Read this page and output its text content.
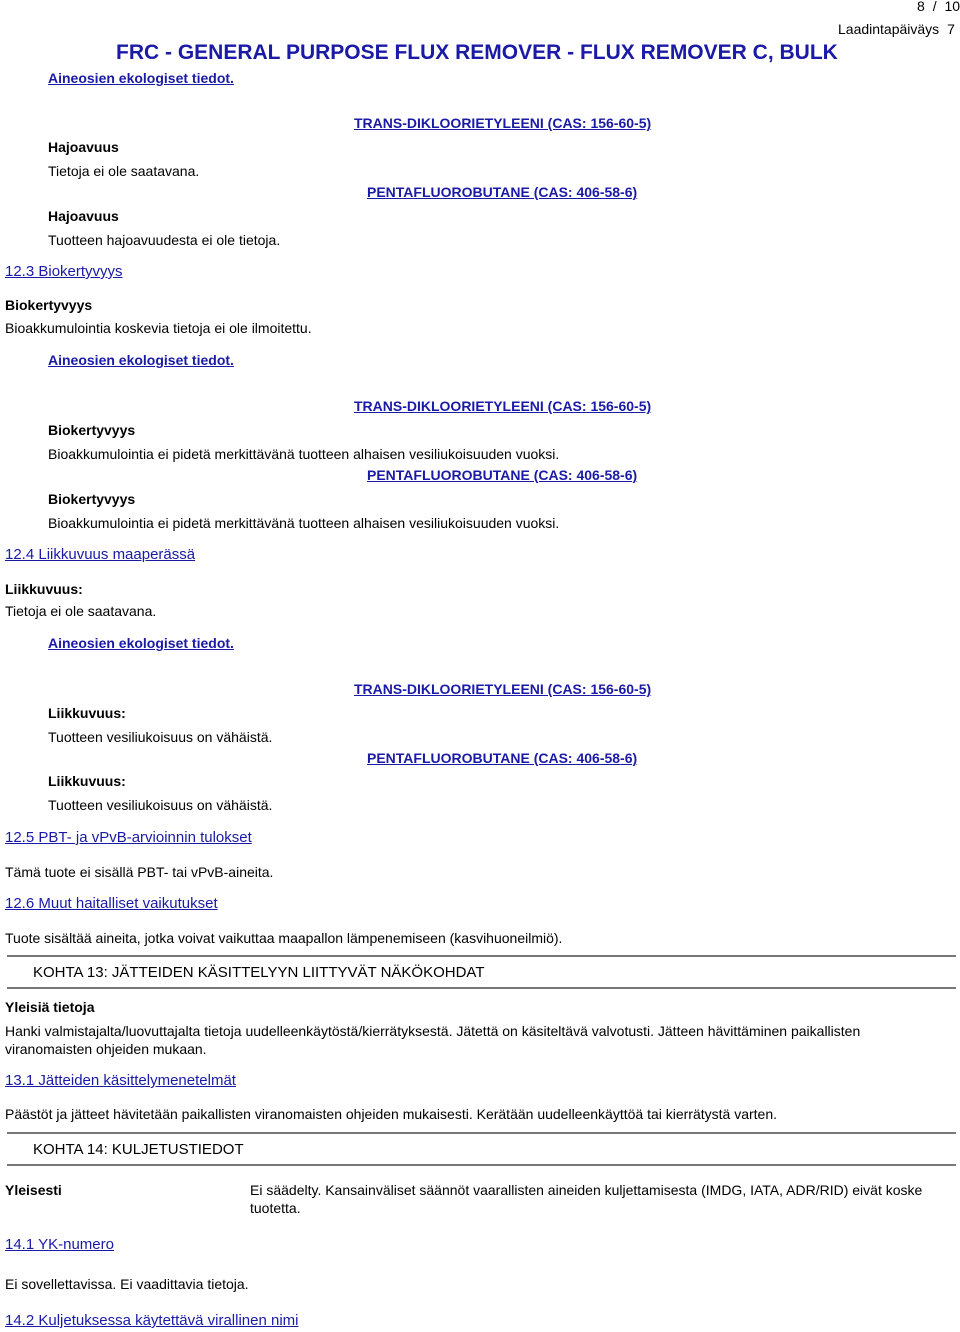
8 / 10
Laadintapäiväys 7
FRC - GENERAL PURPOSE FLUX REMOVER - FLUX REMOVER C, BULK
Aineosien ekologiset tiedot.
TRANS-DIKLOORIETYLEENI (CAS: 156-60-5)
Hajoavuus
Tietoja ei ole saatavana.
PENTAFLUOROBUTANE (CAS: 406-58-6)
Hajoavuus
Tuotteen hajoavuudesta ei ole tietoja.
12.3 Biokertyvyys
Biokertyvyys
Bioakkumulointia koskevia tietoja ei ole ilmoitettu.
Aineosien ekologiset tiedot.
TRANS-DIKLOORIETYLEENI (CAS: 156-60-5)
Biokertyvyys
Bioakkumulointia ei pidetä merkittävänä tuotteen alhaisen vesiliukoisuuden vuoksi.
PENTAFLUOROBUTANE (CAS: 406-58-6)
Biokertyvyys
Bioakkumulointia ei pidetä merkittävänä tuotteen alhaisen vesiliukoisuuden vuoksi.
12.4 Liikkuvuus maaperässä
Liikkuvuus:
Tietoja ei ole saatavana.
Aineosien ekologiset tiedot.
TRANS-DIKLOORIETYLEENI (CAS: 156-60-5)
Liikkuvuus:
Tuotteen vesiliukoisuus on vähäistä.
PENTAFLUOROBUTANE (CAS: 406-58-6)
Liikkuvuus:
Tuotteen vesiliukoisuus on vähäistä.
12.5 PBT- ja vPvB-arvioinnin tulokset
Tämä tuote ei sisällä PBT- tai vPvB-aineita.
12.6 Muut haitalliset vaikutukset
Tuote sisältää aineita, jotka voivat vaikuttaa maapallon lämpenemiseen (kasvihuoneilmiö).
KOHTA 13: JÄTTEIDEN KÄSITTELYYN LIITTYVÄT NÄKÖKOHDAT
Yleisiä tietoja
Hanki valmistajalta/luovuttajalta tietoja uudelleenkäytöstä/kierrätyksestä. Jätettä on käsiteltävä valvotusti. Jätteen hävittäminen paikallisten viranomaisten ohjeiden mukaan.
13.1 Jätteiden käsittelymenetelmät
Päästöt ja jätteet hävitetään paikallisten viranomaisten ohjeiden mukaisesti. Kerätään uudelleenkäyttöä tai kierrätystä varten.
KOHTA 14: KULJETUSTIEDOT
Yleisesti	Ei säädelty. Kansainväliset säännöt vaarallisten aineiden kuljettamisesta (IMDG, IATA, ADR/RID) eivät koske tuotetta.
14.1 YK-numero
Ei sovellettavissa. Ei vaadittavia tietoja.
14.2 Kuljetuksessa käytettävä virallinen nimi
